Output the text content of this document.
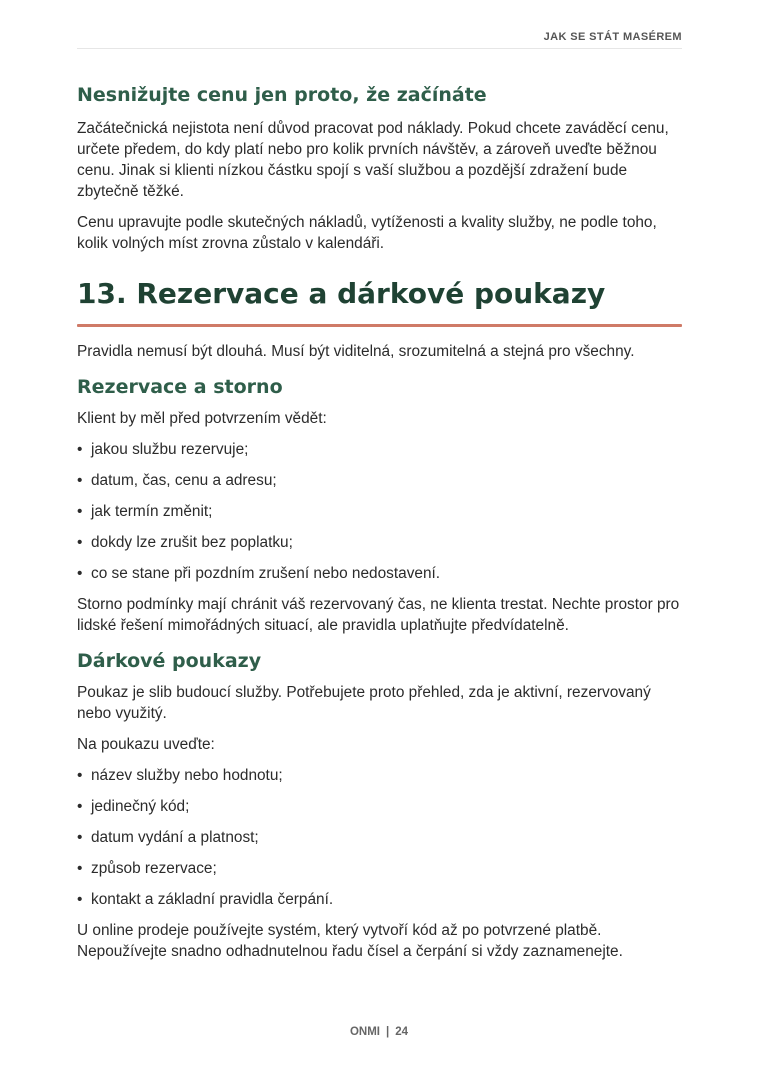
JAK SE STÁT MASÉREM
Nesnižujte cenu jen proto, že začínáte

Začátečnická nejistota není důvod pracovat pod náklady. Pokud chcete zaváděcí cenu, určete předem, do kdy platí nebo pro kolik prvních návštěv, a zároveň uveďte běžnou cenu. Jinak si klienti nízkou částku spojí s vaší službou a pozdější zdražení bude zbytečně těžké.

Cenu upravujte podle skutečných nákladů, vytíženosti a kvality služby, ne podle toho, kolik volných míst zrovna zůstalo v kalendáři.

13. Rezervace a dárkové poukazy

Pravidla nemusí být dlouhá. Musí být viditelná, srozumitelná a stejná pro všechny.

Rezervace a storno

Klient by měl před potvrzením vědět:

• jakou službu rezervuje;
• datum, čas, cenu a adresu;
• jak termín změnit;
• dokdy lze zrušit bez poplatku;
• co se stane při pozdním zrušení nebo nedostavení.

Storno podmínky mají chránit váš rezervovaný čas, ne klienta trestat. Nechte prostor pro lidské řešení mimořádných situací, ale pravidla uplatňujte předvídatelně.

Dárkové poukazy

Poukaz je slib budoucí služby. Potřebujete proto přehled, zda je aktivní, rezervovaný nebo využitý.

Na poukazu uveďte:

• název služby nebo hodnotu;
• jedinečný kód;
• datum vydání a platnost;
• způsob rezervace;
• kontakt a základní pravidla čerpání.

U online prodeje používejte systém, který vytvoří kód až po potvrzené platbě. Nepoužívejte snadno odhadnutelnou řadu čísel a čerpání si vždy zaznamenejte.

ONMI | 24
